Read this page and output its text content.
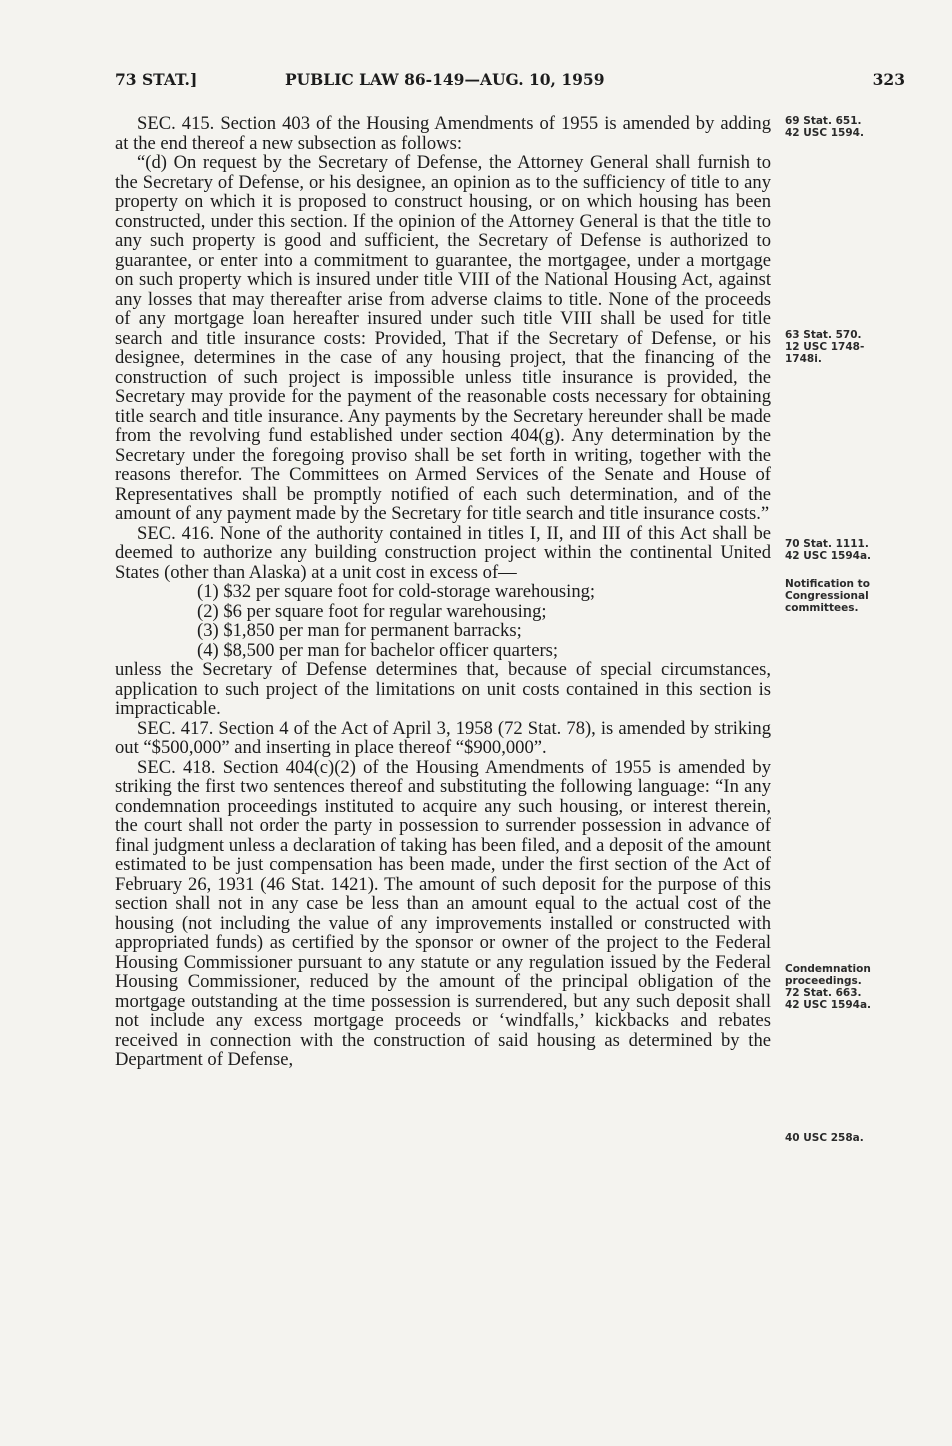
73 STAT.]	PUBLIC LAW 86-149—AUG. 10, 1959	323

SEC. 415. Section 403 of the Housing Amendments of 1955 is amended by adding at the end thereof a new subsection as follows:

“(d) On request by the Secretary of Defense, the Attorney General shall furnish to the Secretary of Defense, or his designee, an opinion as to the sufficiency of title to any property on which it is proposed to construct housing, or on which housing has been constructed, under this section. If the opinion of the Attorney General is that the title to any such property is good and sufficient, the Secretary of Defense is authorized to guarantee, or enter into a commitment to guarantee, the mortgagee, under a mortgage on such property which is insured under title VIII of the National Housing Act, against any losses that may thereafter arise from adverse claims to title. None of the proceeds of any mortgage loan hereafter insured under such title VIII shall be used for title search and title insurance costs: Provided, That if the Secretary of Defense, or his designee, determines in the case of any housing project, that the financing of the construction of such project is impossible unless title insurance is provided, the Secretary may provide for the payment of the reasonable costs necessary for obtaining title search and title insurance. Any payments by the Secretary hereunder shall be made from the revolving fund established under section 404(g). Any determination by the Secretary under the foregoing proviso shall be set forth in writing, together with the reasons therefor. The Committees on Armed Services of the Senate and House of Representatives shall be promptly notified of each such determination, and of the amount of any payment made by the Secretary for title search and title insurance costs.”

SEC. 416. None of the authority contained in titles I, II, and III of this Act shall be deemed to authorize any building construction project within the continental United States (other than Alaska) at a unit cost in excess of—

(1) $32 per square foot for cold-storage warehousing;

(2) $6 per square foot for regular warehousing;

(3) $1,850 per man for permanent barracks;

(4) $8,500 per man for bachelor officer quarters;

unless the Secretary of Defense determines that, because of special circumstances, application to such project of the limitations on unit costs contained in this section is impracticable.

SEC. 417. Section 4 of the Act of April 3, 1958 (72 Stat. 78), is amended by striking out “$500,000” and inserting in place thereof “$900,000”.

SEC. 418. Section 404(c)(2) of the Housing Amendments of 1955 is amended by striking the first two sentences thereof and substituting the following language: “In any condemnation proceedings instituted to acquire any such housing, or interest therein, the court shall not order the party in possession to surrender possession in advance of final judgment unless a declaration of taking has been filed, and a deposit of the amount estimated to be just compensation has been made, under the first section of the Act of February 26, 1931 (46 Stat. 1421). The amount of such deposit for the purpose of this section shall not in any case be less than an amount equal to the actual cost of the housing (not including the value of any improvements installed or constructed with appropriated funds) as certified by the sponsor or owner of the project to the Federal Housing Commissioner pursuant to any statute or any regulation issued by the Federal Housing Commissioner, reduced by the amount of the principal obligation of the mortgage outstanding at the time possession is surrendered, but any such deposit shall not include any excess mortgage proceeds or ‘windfalls,’ kickbacks and rebates received in connection with the construction of said housing as determined by the Department of Defense,

69 Stat. 651.
42 USC 1594.
63 Stat. 570.
12 USC 1748-
1748i.
70 Stat. 1111.
42 USC 1594a.
Notification to
Congressional
committees.
Condemnation
proceedings.
72 Stat. 663.
42 USC 1594a.
40 USC 258a.
